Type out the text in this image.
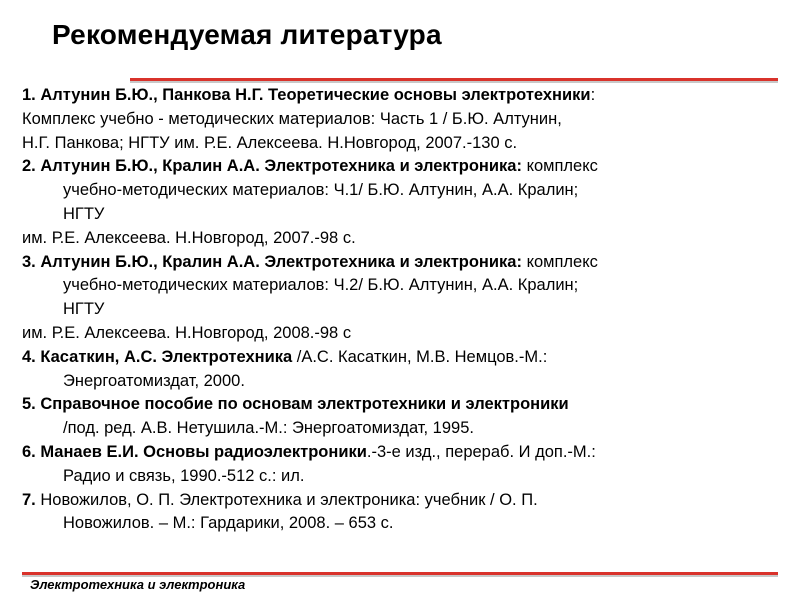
Рекомендуемая литература
1. Алтунин Б.Ю., Панкова Н.Г. Теоретические основы электротехники:
Комплекс учебно - методических материалов: Часть 1 / Б.Ю. Алтунин,
Н.Г. Панкова; НГТУ им. Р.Е. Алексеева. Н.Новгород, 2007.-130 с.
2. Алтунин Б.Ю., Кралин А.А. Электротехника и электроника: комплекс
учебно-методических материалов: Ч.1/ Б.Ю. Алтунин, А.А. Кралин;
НГТУ
им. Р.Е. Алексеева. Н.Новгород, 2007.-98 с.
3. Алтунин Б.Ю., Кралин А.А. Электротехника и электроника: комплекс
учебно-методических материалов: Ч.2/ Б.Ю. Алтунин, А.А. Кралин;
НГТУ
им. Р.Е. Алексеева. Н.Новгород, 2008.-98 с
4. Касаткин, А.С. Электротехника /А.С. Касаткин, М.В. Немцов.-М.:
Энергоатомиздат, 2000.
5. Справочное пособие по основам электротехники и электроники
/под. ред. А.В. Нетушила.-М.: Энергоатомиздат, 1995.
6. Манаев Е.И. Основы радиоэлектроники.-3-е изд., перераб. И доп.-М.:
Радио и связь, 1990.-512 с.: ил.
7. Новожилов, О. П. Электротехника и электроника: учебник / О. П.
Новожилов. – М.: Гардарики, 2008. – 653 с.
Электротехника и электроника
